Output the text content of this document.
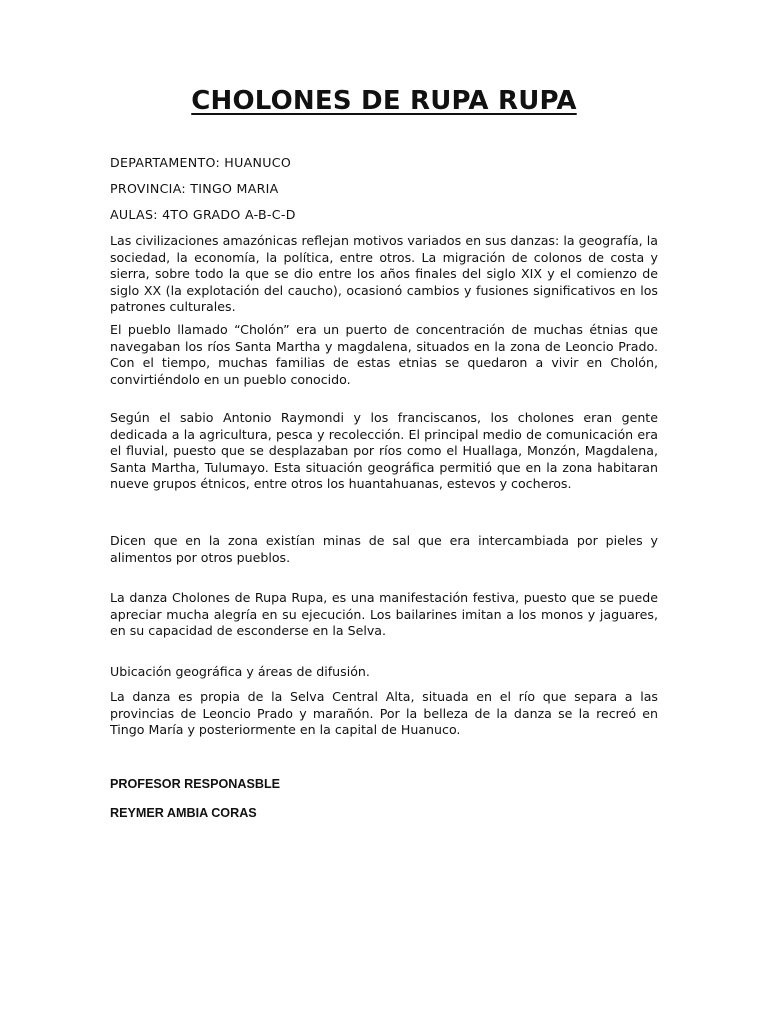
CHOLONES DE RUPA RUPA

DEPARTAMENTO: HUANUCO

PROVINCIA: TINGO MARIA

AULAS: 4TO GRADO A-B-C-D

Las civilizaciones amazónicas reflejan motivos variados en sus danzas: la geografía, la sociedad, la economía, la política, entre otros. La migración de colonos de costa y sierra, sobre todo la que se dio entre los años finales del siglo XIX y el comienzo de siglo XX (la explotación del caucho), ocasionó cambios y fusiones significativos en los patrones culturales.

El pueblo llamado “Cholón” era un puerto de concentración de muchas étnias que navegaban los ríos Santa Martha y magdalena, situados en la zona de Leoncio Prado. Con el tiempo, muchas familias de estas etnias se quedaron a vivir en Cholón, convirtiéndolo en un pueblo conocido.

Según el sabio Antonio Raymondi y los franciscanos, los cholones eran gente dedicada a la agricultura, pesca y recolección. El principal medio de comunicación era el fluvial, puesto que se desplazaban por ríos como el Huallaga, Monzón, Magdalena, Santa Martha, Tulumayo. Esta situación geográfica permitió que en la zona habitaran nueve grupos étnicos, entre otros los huantahuanas, estevos y cocheros.

Dicen que en la zona existían minas de sal que era intercambiada por pieles y alimentos por otros pueblos.

La danza Cholones de Rupa Rupa, es una manifestación festiva, puesto que se puede apreciar mucha alegría en su ejecución. Los bailarines imitan a los monos y jaguares, en su capacidad de esconderse en la Selva.

Ubicación geográfica y áreas de difusión.

La danza es propia de la Selva Central Alta, situada en el río que separa a las provincias de Leoncio Prado y marañón. Por la belleza de la danza se la recreó en Tingo María y posteriormente en la capital de Huanuco.

PROFESOR RESPONASBLE

REYMER AMBIA CORAS
